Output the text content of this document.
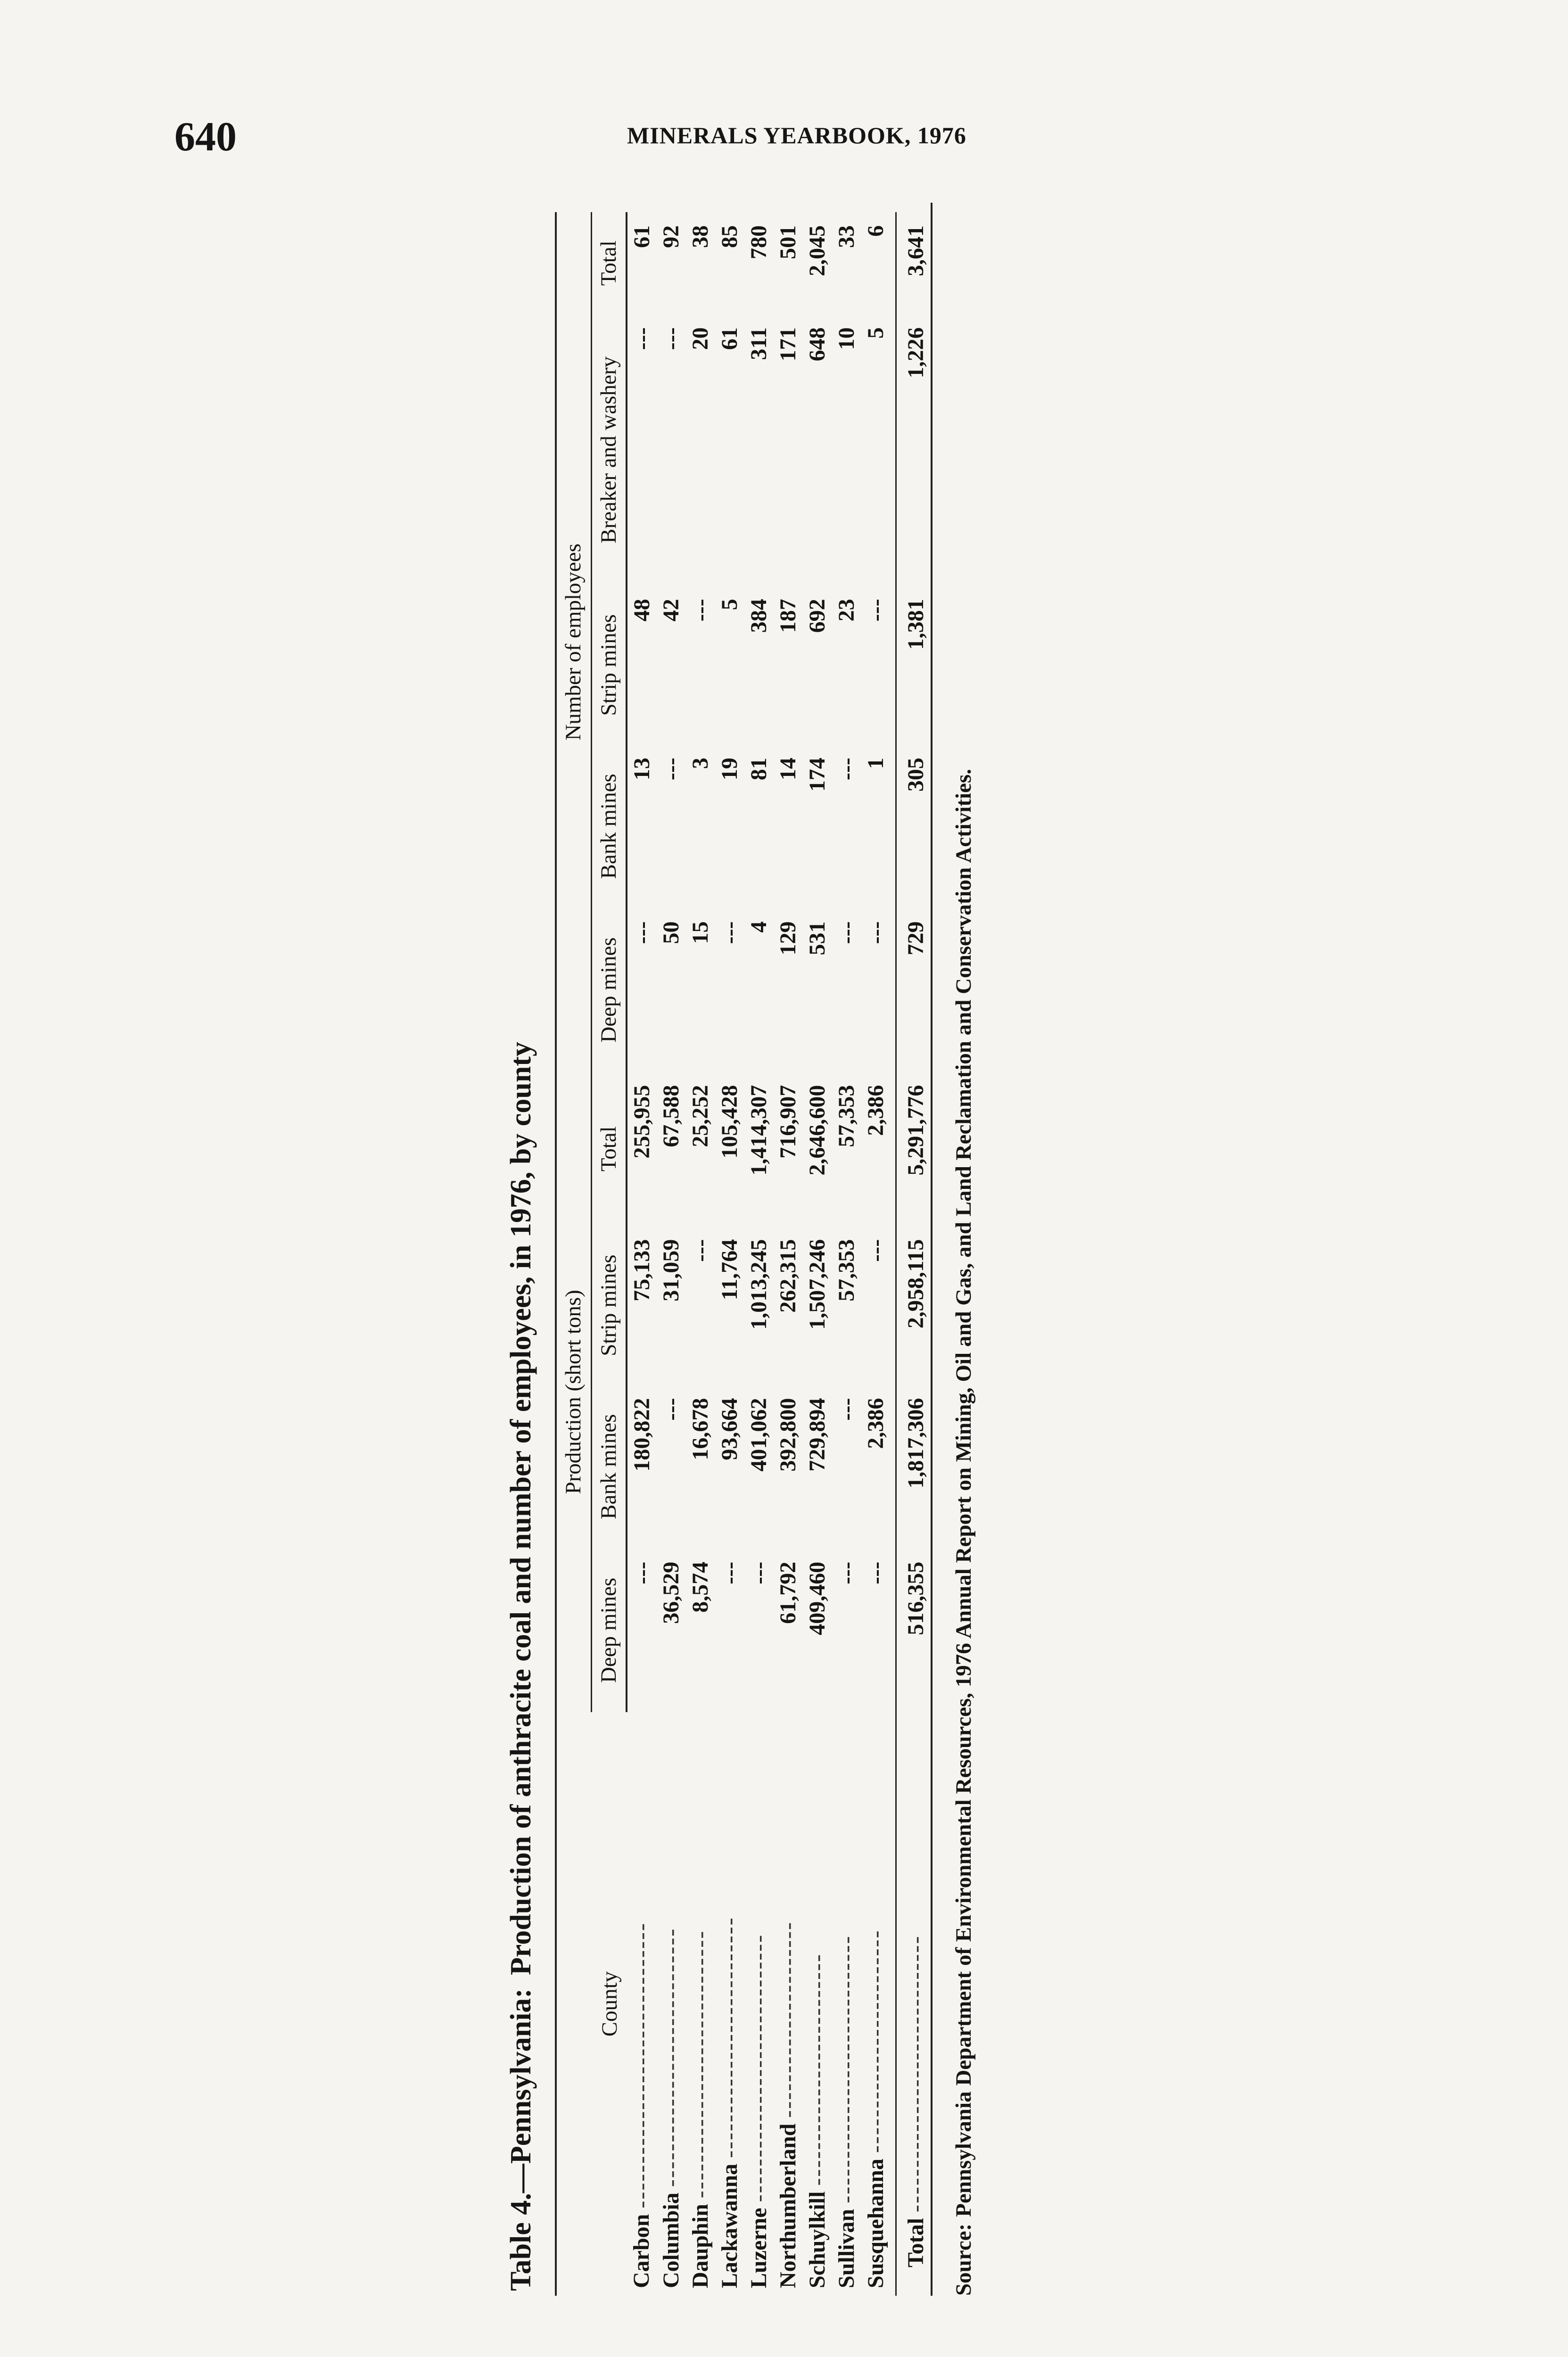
640	MINERALS YEARBOOK, 1976

Table 4.—Pennsylvania:Production of anthracite coal and number of employees, in 1976, by county

County	Production (short tons)				Number of employees				
	Deep mines	Bank mines	Strip mines	Total	Deep mines	Bank mines	Strip mines	Breaker and washery	Total
Carbon --------------------------------	---	180,822	75,133	255,955	---	13	48	---	61
Columbia -----------------------------	36,529	---	31,059	67,588	50	---	42	---	92
Dauphin ------------------------------	8,574	16,678	---	25,252	15	3	---	20	38
Lackawanna ---------------------------	---	93,664	11,764	105,428	---	19	5	61	85
Luzerne ------------------------------	---	401,062	1,013,245	1,414,307	4	81	384	311	780
Northumberland ----------------------	61,792	392,800	262,315	716,907	129	14	187	171	501
Schuylkill --------------------------	409,460	729,894	1,507,246	2,646,600	531	174	692	648	2,045
Sullivan ------------------------------	---	---	57,353	57,353	---	---	23	10	33
Susquehanna -------------------------	---	2,386	---	2,386	---	1	---	5	6
Total -------------------------------	516,355	1,817,306	2,958,115	5,291,776	729	305	1,381	1,226	3,641

Source:Pennsylvania Department of Environmental Resources, 1976 Annual Report on Mining, Oil and Gas, and Land Reclamation and Conservation Activities.
